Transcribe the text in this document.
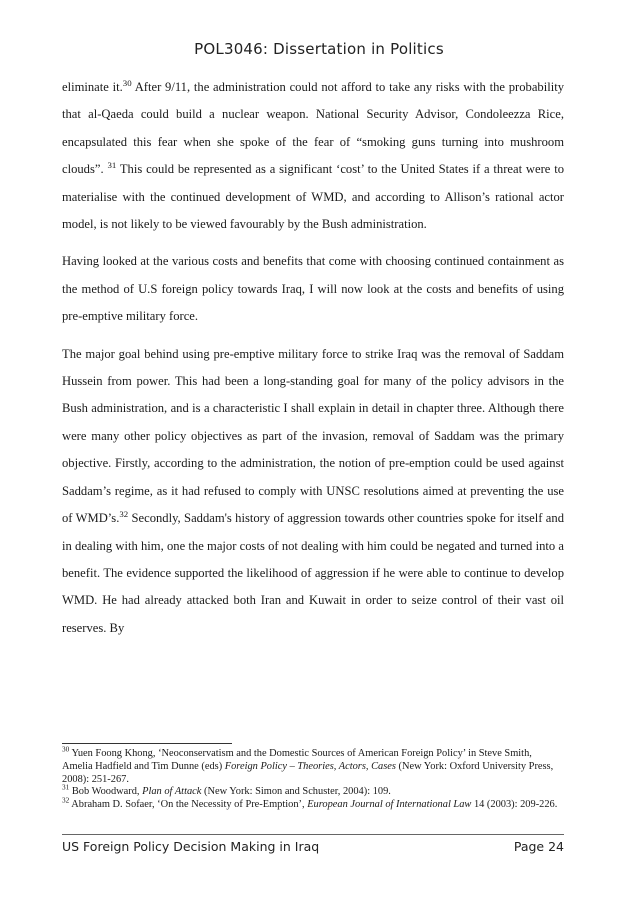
POL3046: Dissertation in Politics

eliminate it.$^{30}$ After 9/11, the administration could not afford to take any risks with the probability that al-Qaeda could build a nuclear weapon. National Security Advisor, Condoleezza Rice, encapsulated this fear when she spoke of the fear of “smoking guns turning into mushroom clouds”. $^{31}$ This could be represented as a significant ‘cost’ to the United States if a threat were to materialise with the continued development of WMD, and according to Allison’s rational actor model, is not likely to be viewed favourably by the Bush administration.

Having looked at the various costs and benefits that come with choosing continued containment as the method of U.S foreign policy towards Iraq, I will now look at the costs and benefits of using pre-emptive military force.

The major goal behind using pre-emptive military force to strike Iraq was the removal of Saddam Hussein from power. This had been a long-standing goal for many of the policy advisors in the Bush administration, and is a characteristic I shall explain in detail in chapter three. Although there were many other policy objectives as part of the invasion, removal of Saddam was the primary objective. Firstly, according to the administration, the notion of pre-emption could be used against Saddam’s regime, as it had refused to comply with UNSC resolutions aimed at preventing the use of WMD’s.$^{32}$ Secondly, Saddam's history of aggression towards other countries spoke for itself and in dealing with him, one the major costs of not dealing with him could be negated and turned into a benefit. The evidence supported the likelihood of aggression if he were able to continue to develop WMD. He had already attacked both Iran and Kuwait in order to seize control of their vast oil reserves. By

$^{30}$ Yuen Foong Khong, ‘Neoconservatism and the Domestic Sources of American Foreign Policy’ in Steve Smith, Amelia Hadfield and Tim Dunne (eds) Foreign Policy – Theories, Actors, Cases (New York: Oxford University Press, 2008): 251-267.

$^{31}$ Bob Woodward, Plan of Attack (New York: Simon and Schuster, 2004): 109.

$^{32}$ Abraham D. Sofaer, ‘On the Necessity of Pre-Emption’, European Journal of International Law 14 (2003): 209-226.

US Foreign Policy Decision Making in Iraq	Page 24
